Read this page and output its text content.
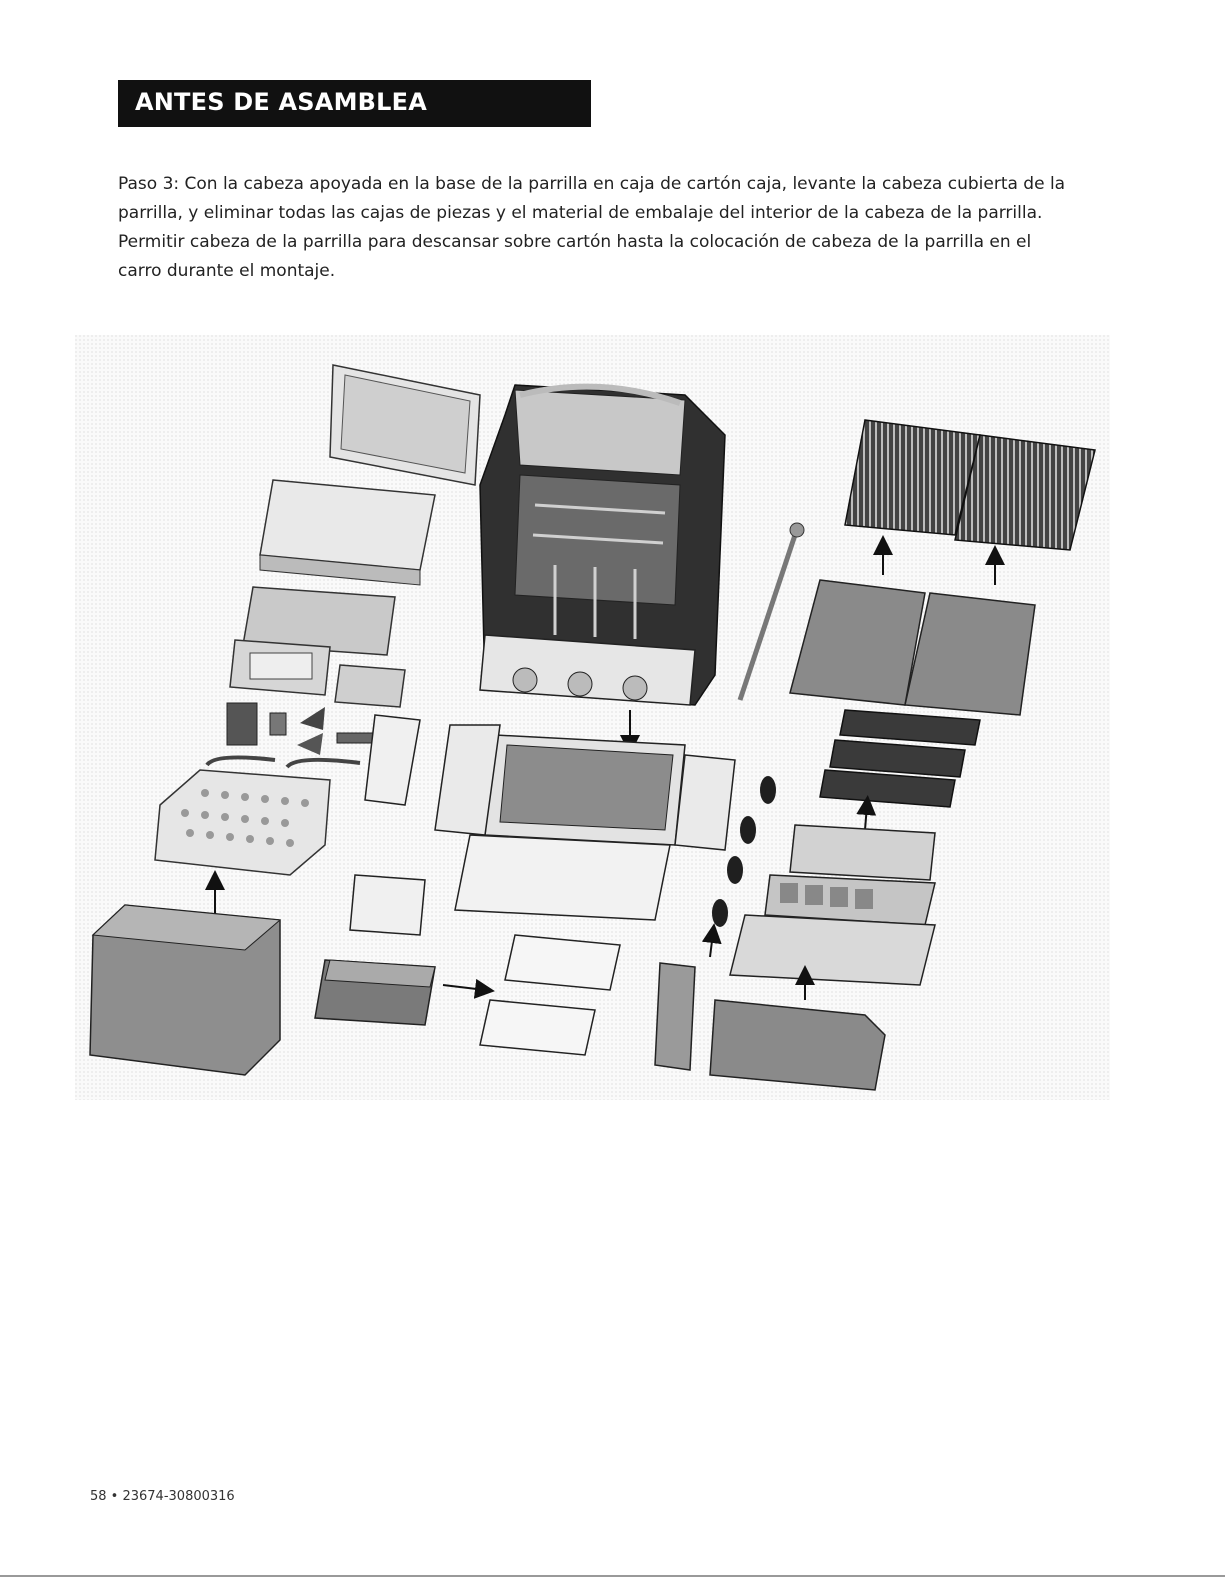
ANTES DE ASAMBLEA

Paso 3: Con la cabeza apoyada en la base de la parrilla en caja de cartón caja, levante la cabeza cubierta de la parrilla, y eliminar todas las cajas de piezas y el material de embalaje del interior de la cabeza de la parrilla. Permitir cabeza de la parrilla para descansar sobre cartón hasta la colocación de cabeza de la parrilla en el carro durante el montaje.

58 • 23674-30800316
